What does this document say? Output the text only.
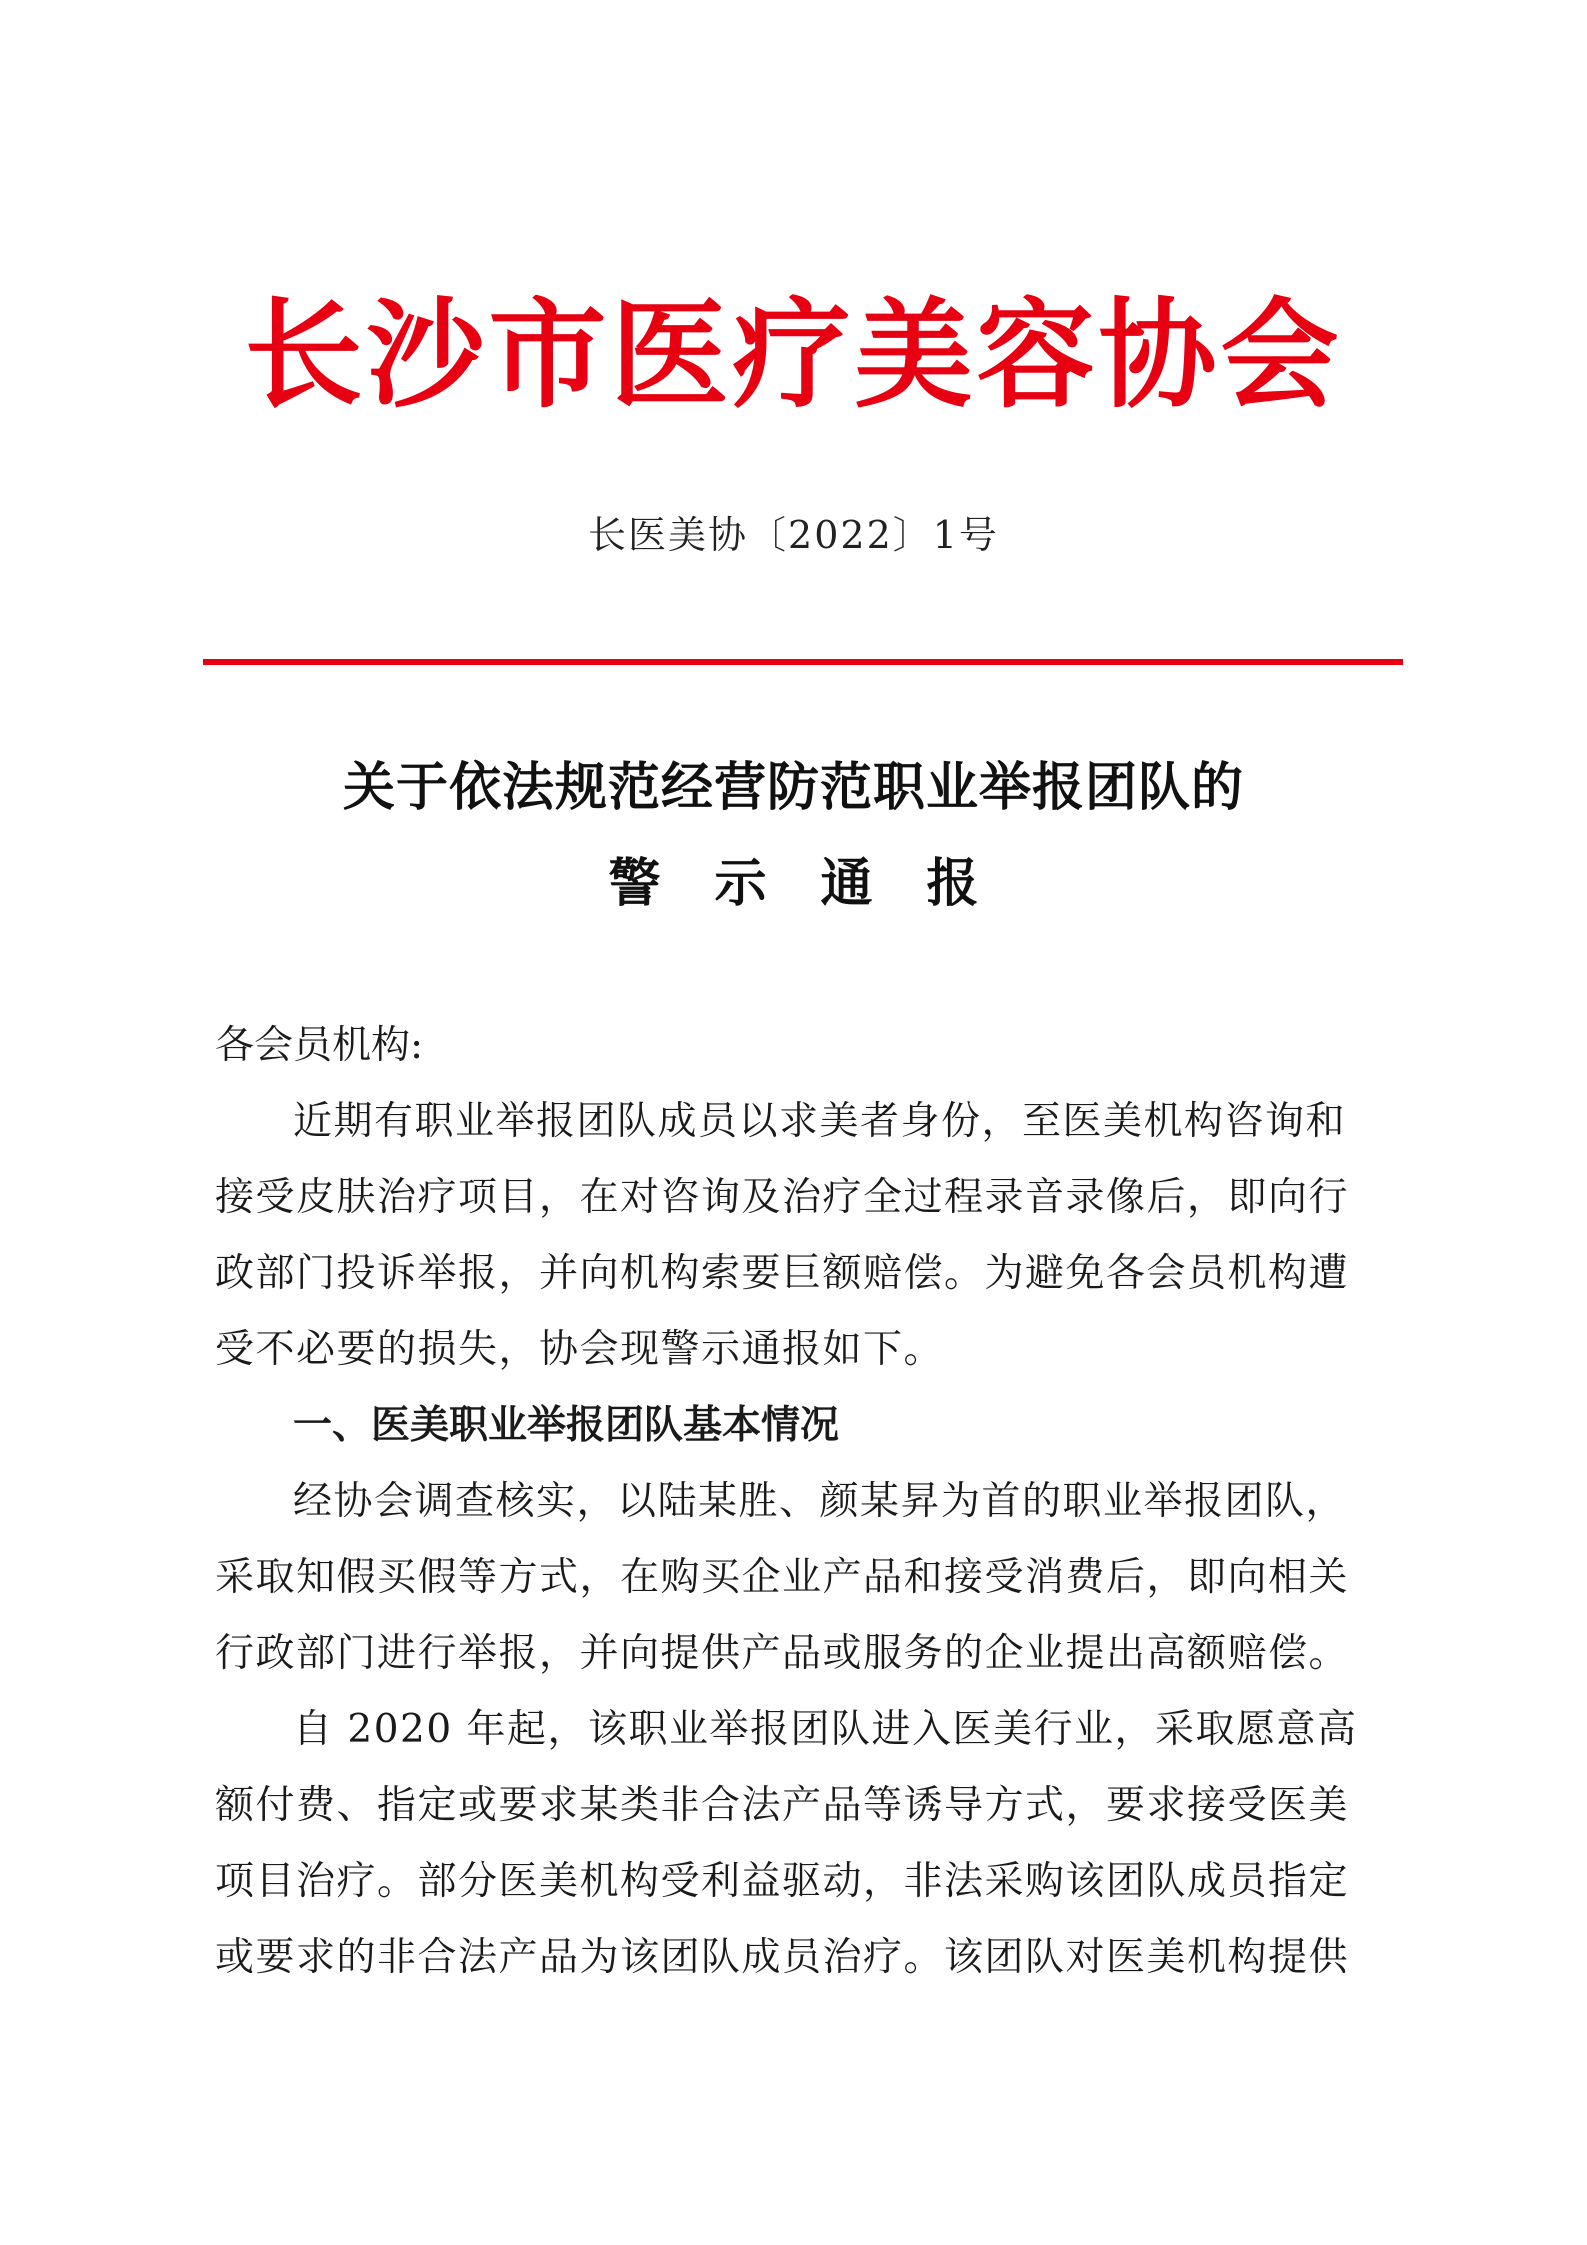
长沙市医疗美容协会
长医美协〔2022〕1号
关于依法规范经营防范职业举报团队的
警示通报
各会员机构:
近期有职业举报团队成员以求美者身份，至医美机构咨询和
接受皮肤治疗项目，在对咨询及治疗全过程录音录像后，即向行
政部门投诉举报，并向机构索要巨额赔偿。为避免各会员机构遭
受不必要的损失，协会现警示通报如下。
一、医美职业举报团队基本情况
经协会调查核实，以陆某胜、颜某昇为首的职业举报团队，
采取知假买假等方式，在购买企业产品和接受消费后，即向相关
行政部门进行举报，并向提供产品或服务的企业提出高额赔偿。
自 2020 年起，该职业举报团队进入医美行业，采取愿意高
额付费、指定或要求某类非合法产品等诱导方式，要求接受医美
项目治疗。部分医美机构受利益驱动，非法采购该团队成员指定
或要求的非合法产品为该团队成员治疗。该团队对医美机构提供
